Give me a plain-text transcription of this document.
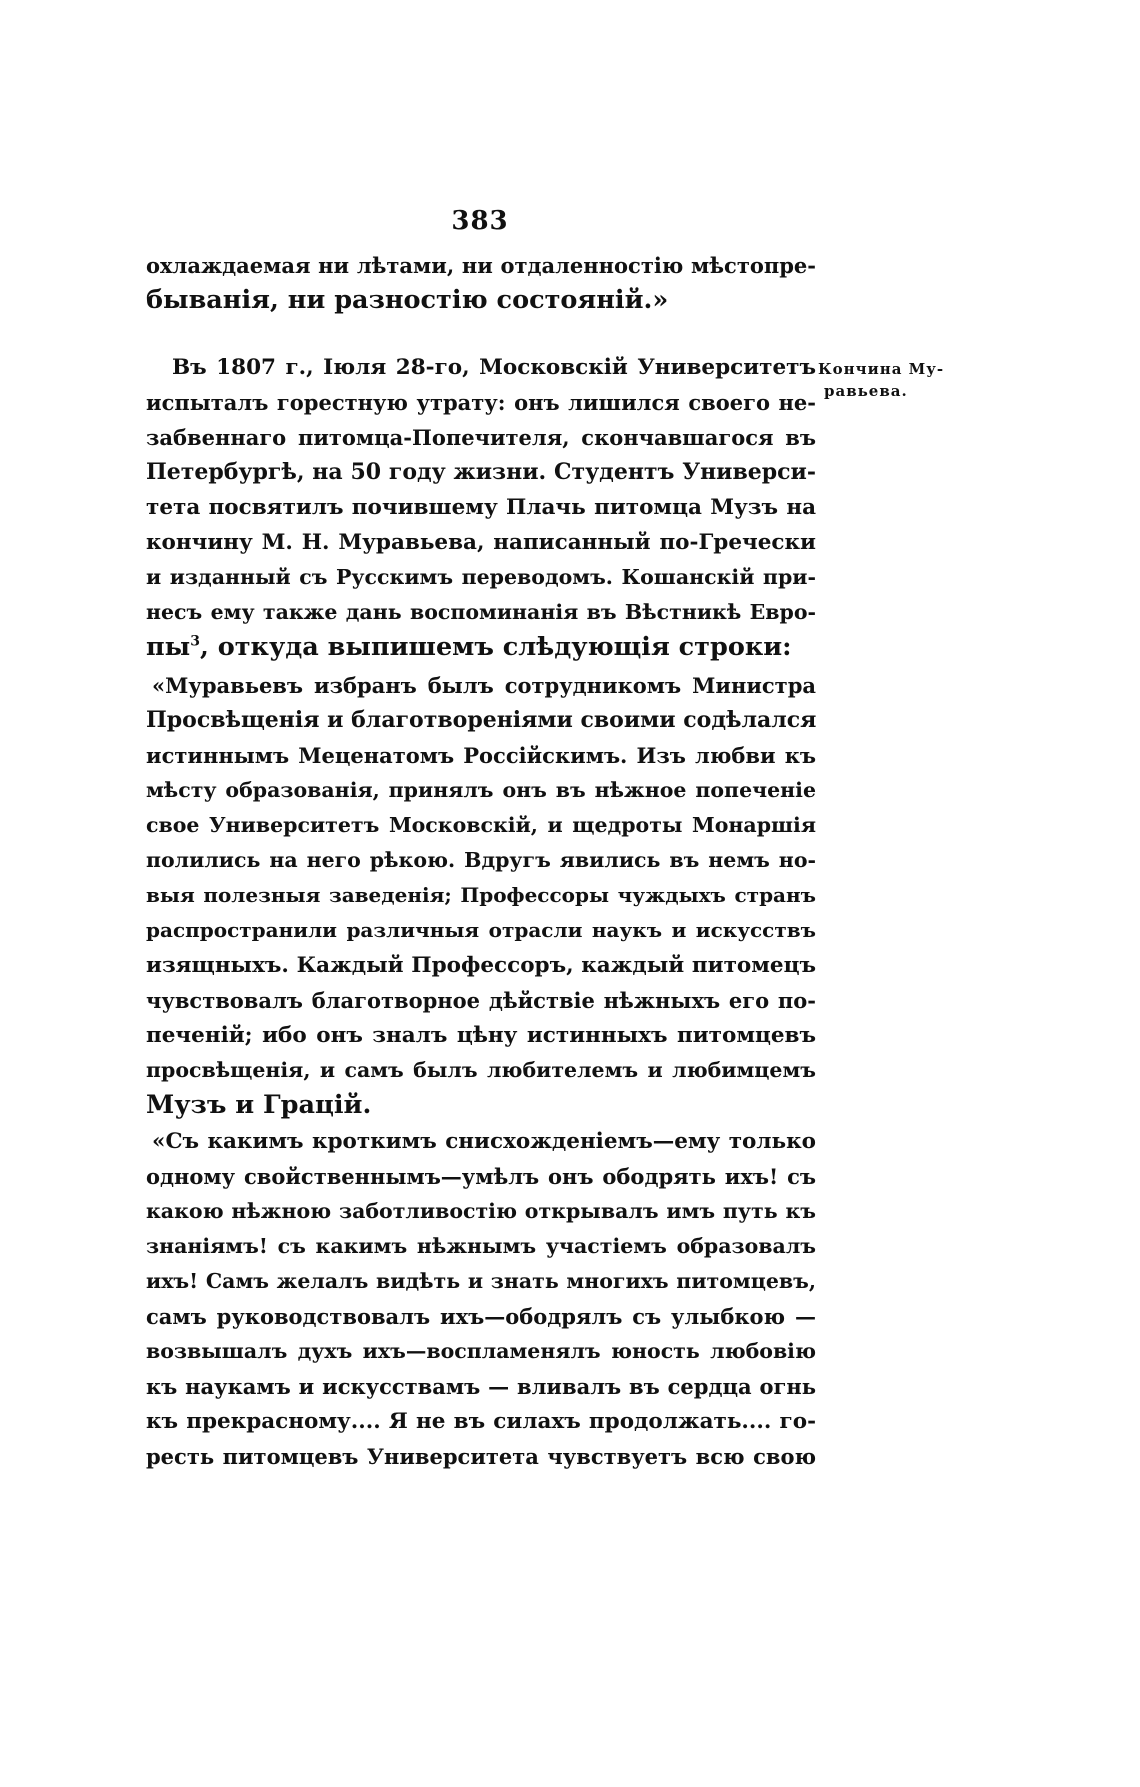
383
охлаждаемая ни лѣтами, ни отдаленностію мѣстопре-
быванія, ни разностію состояній.»
Кончина Му-
равьева.
Въ 1807 г., Іюля 28-го, Московскій Университетъ
испыталъ горестную утрату: онъ лишился своего не-
забвеннаго питомца-Попечителя, скончавшагося въ
Петербургѣ, на 50 году жизни. Студентъ Универси-
тета посвятилъ почившему Плачь питомца Музъ на
кончину М. Н. Муравьева, написанный по-Гречески
и изданный съ Русскимъ переводомъ. Кошанскій при-
несъ ему также дань воспоминанія въ Вѣстникѣ Евро-
пы$^3$, откуда выпишемъ слѣдующія строки:
«Муравьевъ избранъ былъ сотрудникомъ Министра
Просвѣщенія и благотвореніями своими содѣлался
истиннымъ Меценатомъ Россійскимъ. Изъ любви къ
мѣсту образованія, принялъ онъ въ нѣжное попеченіе
свое Университетъ Московскій, и щедроты Монаршія
полились на него рѣкою. Вдругъ явились въ немъ но-
выя полезныя заведенія; Профессоры чуждыхъ странъ
распространили различныя отрасли наукъ и искусствъ
изящныхъ. Каждый Профессоръ, каждый питомецъ
чувствовалъ благотворное дѣйствіе нѣжныхъ его по-
печеній; ибо онъ зналъ цѣну истинныхъ питомцевъ
просвѣщенія, и самъ былъ любителемъ и любимцемъ
Музъ и Грацій.
«Съ какимъ кроткимъ снисхожденіемъ—ему только
одному свойственнымъ—умѣлъ онъ ободрять ихъ! съ
какою нѣжною заботливостію открывалъ имъ путь къ
знаніямъ! съ какимъ нѣжнымъ участіемъ образовалъ
ихъ! Самъ желалъ видѣть и знать многихъ питомцевъ,
самъ руководствовалъ ихъ—ободрялъ съ улыбкою —
возвышалъ духъ ихъ—воспламенялъ юность любовію
къ наукамъ и искусствамъ — вливалъ въ сердца огнь
къ прекрасному.... Я не въ силахъ продолжать.... го-
ресть питомцевъ Университета чувствуетъ всю свою
